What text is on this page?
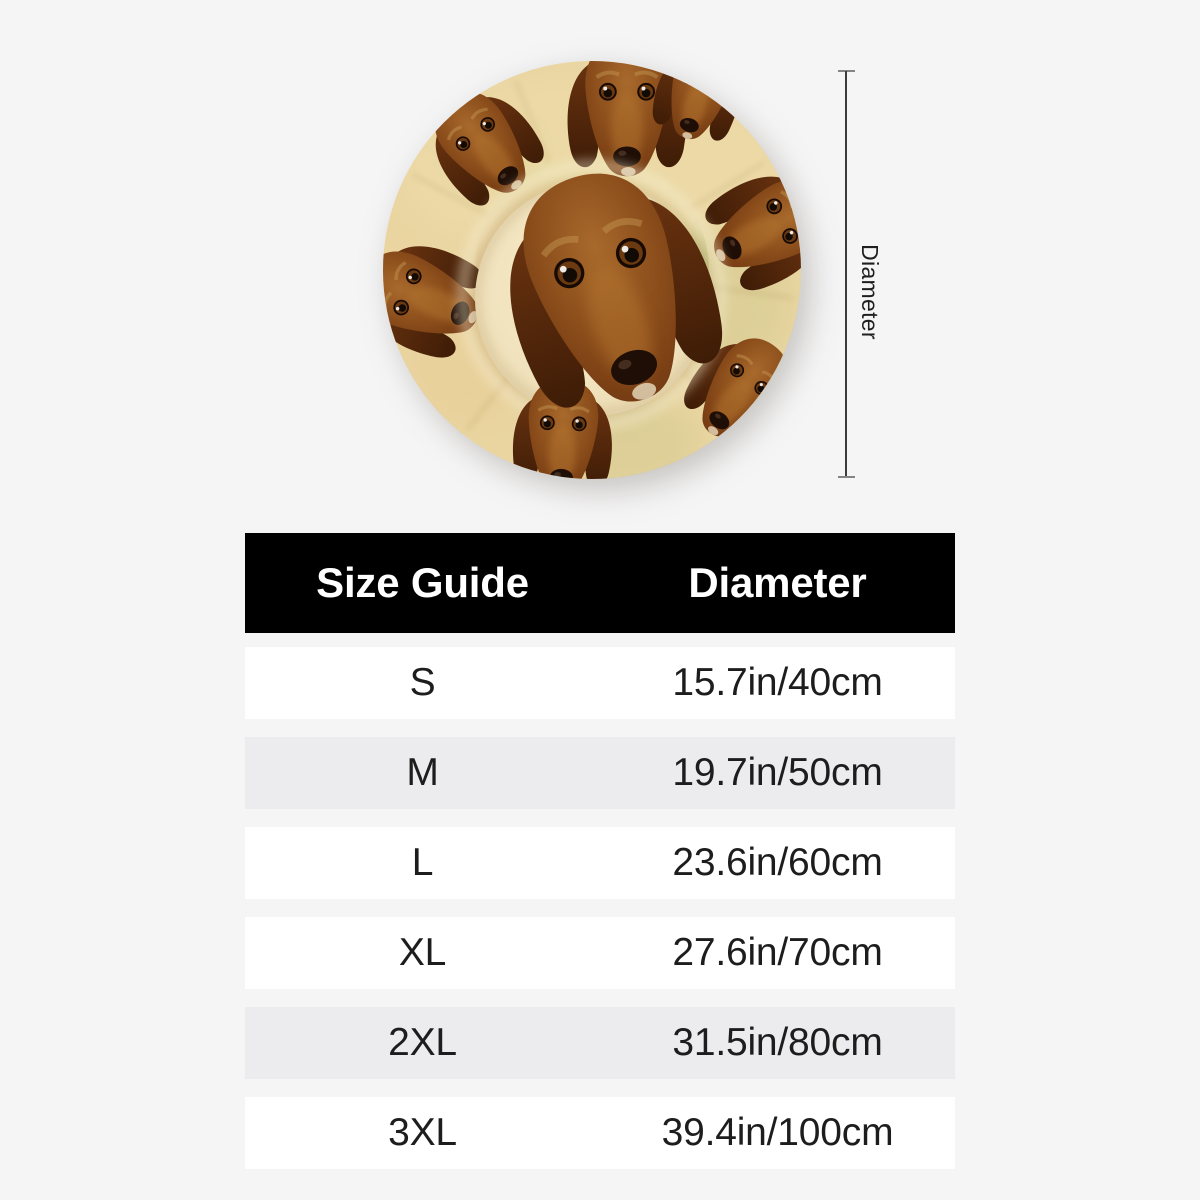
Diameter
Size Guide	Diameter
S	15.7in/40cm
M	19.7in/50cm
L	23.6in/60cm
XL	27.6in/70cm
2XL	31.5in/80cm
3XL	39.4in/100cm
